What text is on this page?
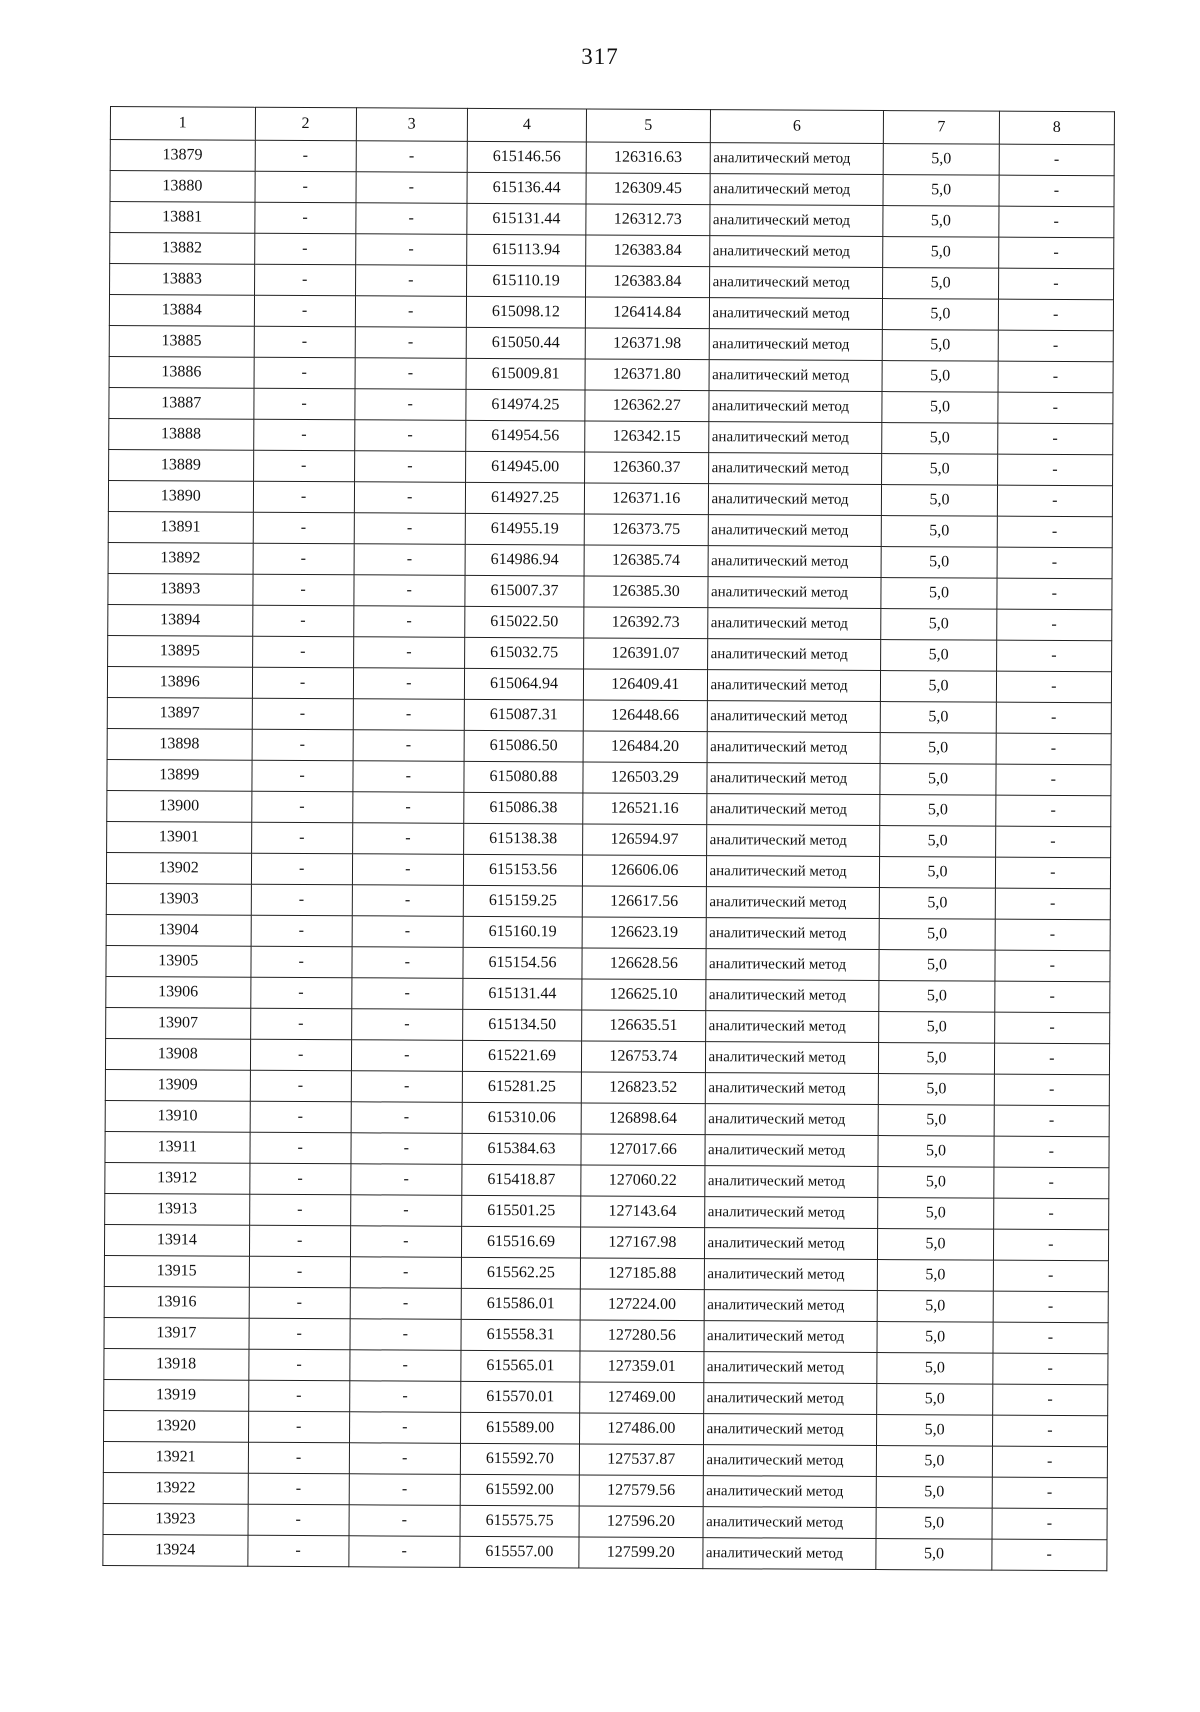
317
1	2	3	4	5	6	7	8
13879	-	-	615146.56	126316.63	аналитический метод	5,0	-
13880	-	-	615136.44	126309.45	аналитический метод	5,0	-
13881	-	-	615131.44	126312.73	аналитический метод	5,0	-
13882	-	-	615113.94	126383.84	аналитический метод	5,0	-
13883	-	-	615110.19	126383.84	аналитический метод	5,0	-
13884	-	-	615098.12	126414.84	аналитический метод	5,0	-
13885	-	-	615050.44	126371.98	аналитический метод	5,0	-
13886	-	-	615009.81	126371.80	аналитический метод	5,0	-
13887	-	-	614974.25	126362.27	аналитический метод	5,0	-
13888	-	-	614954.56	126342.15	аналитический метод	5,0	-
13889	-	-	614945.00	126360.37	аналитический метод	5,0	-
13890	-	-	614927.25	126371.16	аналитический метод	5,0	-
13891	-	-	614955.19	126373.75	аналитический метод	5,0	-
13892	-	-	614986.94	126385.74	аналитический метод	5,0	-
13893	-	-	615007.37	126385.30	аналитический метод	5,0	-
13894	-	-	615022.50	126392.73	аналитический метод	5,0	-
13895	-	-	615032.75	126391.07	аналитический метод	5,0	-
13896	-	-	615064.94	126409.41	аналитический метод	5,0	-
13897	-	-	615087.31	126448.66	аналитический метод	5,0	-
13898	-	-	615086.50	126484.20	аналитический метод	5,0	-
13899	-	-	615080.88	126503.29	аналитический метод	5,0	-
13900	-	-	615086.38	126521.16	аналитический метод	5,0	-
13901	-	-	615138.38	126594.97	аналитический метод	5,0	-
13902	-	-	615153.56	126606.06	аналитический метод	5,0	-
13903	-	-	615159.25	126617.56	аналитический метод	5,0	-
13904	-	-	615160.19	126623.19	аналитический метод	5,0	-
13905	-	-	615154.56	126628.56	аналитический метод	5,0	-
13906	-	-	615131.44	126625.10	аналитический метод	5,0	-
13907	-	-	615134.50	126635.51	аналитический метод	5,0	-
13908	-	-	615221.69	126753.74	аналитический метод	5,0	-
13909	-	-	615281.25	126823.52	аналитический метод	5,0	-
13910	-	-	615310.06	126898.64	аналитический метод	5,0	-
13911	-	-	615384.63	127017.66	аналитический метод	5,0	-
13912	-	-	615418.87	127060.22	аналитический метод	5,0	-
13913	-	-	615501.25	127143.64	аналитический метод	5,0	-
13914	-	-	615516.69	127167.98	аналитический метод	5,0	-
13915	-	-	615562.25	127185.88	аналитический метод	5,0	-
13916	-	-	615586.01	127224.00	аналитический метод	5,0	-
13917	-	-	615558.31	127280.56	аналитический метод	5,0	-
13918	-	-	615565.01	127359.01	аналитический метод	5,0	-
13919	-	-	615570.01	127469.00	аналитический метод	5,0	-
13920	-	-	615589.00	127486.00	аналитический метод	5,0	-
13921	-	-	615592.70	127537.87	аналитический метод	5,0	-
13922	-	-	615592.00	127579.56	аналитический метод	5,0	-
13923	-	-	615575.75	127596.20	аналитический метод	5,0	-
13924	-	-	615557.00	127599.20	аналитический метод	5,0	-
